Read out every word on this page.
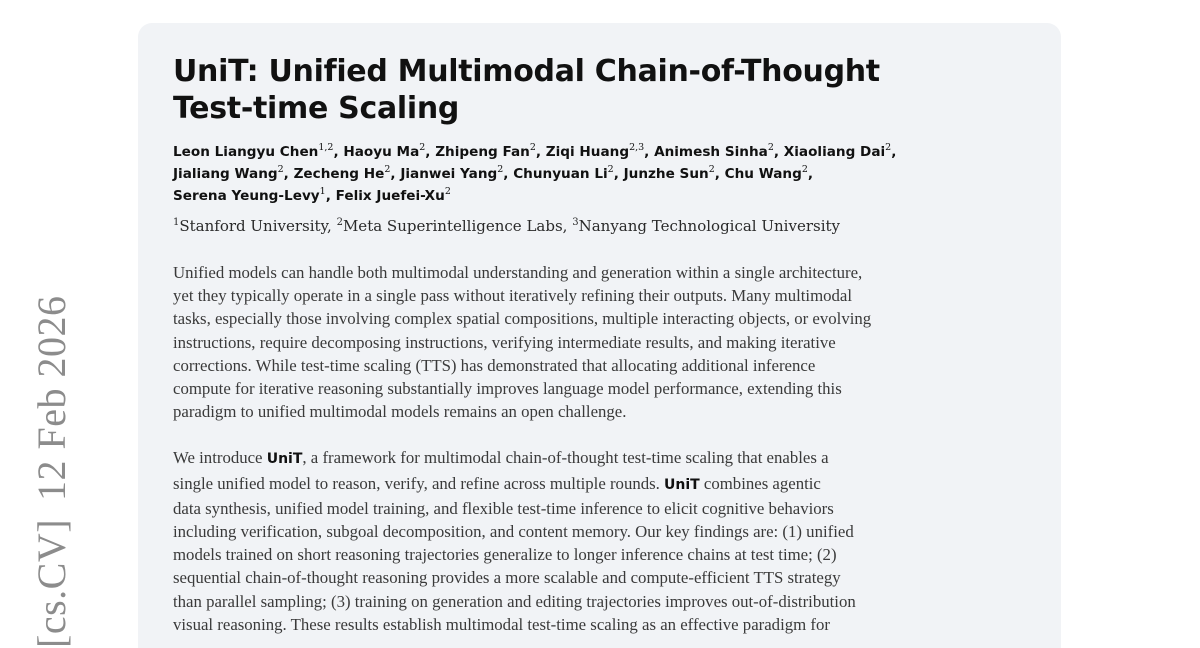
[cs.CV]12 Feb 2026
UniT: Unified Multimodal Chain-of-Thought
Test-time Scaling
Leon Liangyu Chen$^{1,2}$, Haoyu Ma$^2$, Zhipeng Fan$^2$, Ziqi Huang$^{2,3}$, Animesh Sinha$^2$, Xiaoliang Dai$^2$,
Jialiang Wang$^2$, Zecheng He$^2$, Jianwei Yang$^2$, Chunyuan Li$^2$, Junzhe Sun$^2$, Chu Wang$^2$,
Serena Yeung-Levy$^1$, Felix Juefei-Xu$^2$
$^1$Stanford University, $^2$Meta Superintelligence Labs, $^3$Nanyang Technological University

Unified models can handle both multimodal understanding and generation within a single architecture,
yet they typically operate in a single pass without iteratively refining their outputs. Many multimodal
tasks, especially those involving complex spatial compositions, multiple interacting objects, or evolving
instructions, require decomposing instructions, verifying intermediate results, and making iterative
corrections. While test-time scaling (TTS) has demonstrated that allocating additional inference
compute for iterative reasoning substantially improves language model performance, extending this
paradigm to unified multimodal models remains an open challenge.

We introduce UniT, a framework for multimodal chain-of-thought test-time scaling that enables a
single unified model to reason, verify, and refine across multiple rounds. UniT combines agentic
data synthesis, unified model training, and flexible test-time inference to elicit cognitive behaviors
including verification, subgoal decomposition, and content memory. Our key findings are: (1) unified
models trained on short reasoning trajectories generalize to longer inference chains at test time; (2)
sequential chain-of-thought reasoning provides a more scalable and compute-efficient TTS strategy
than parallel sampling; (3) training on generation and editing trajectories improves out-of-distribution
visual reasoning. These results establish multimodal test-time scaling as an effective paradigm for
